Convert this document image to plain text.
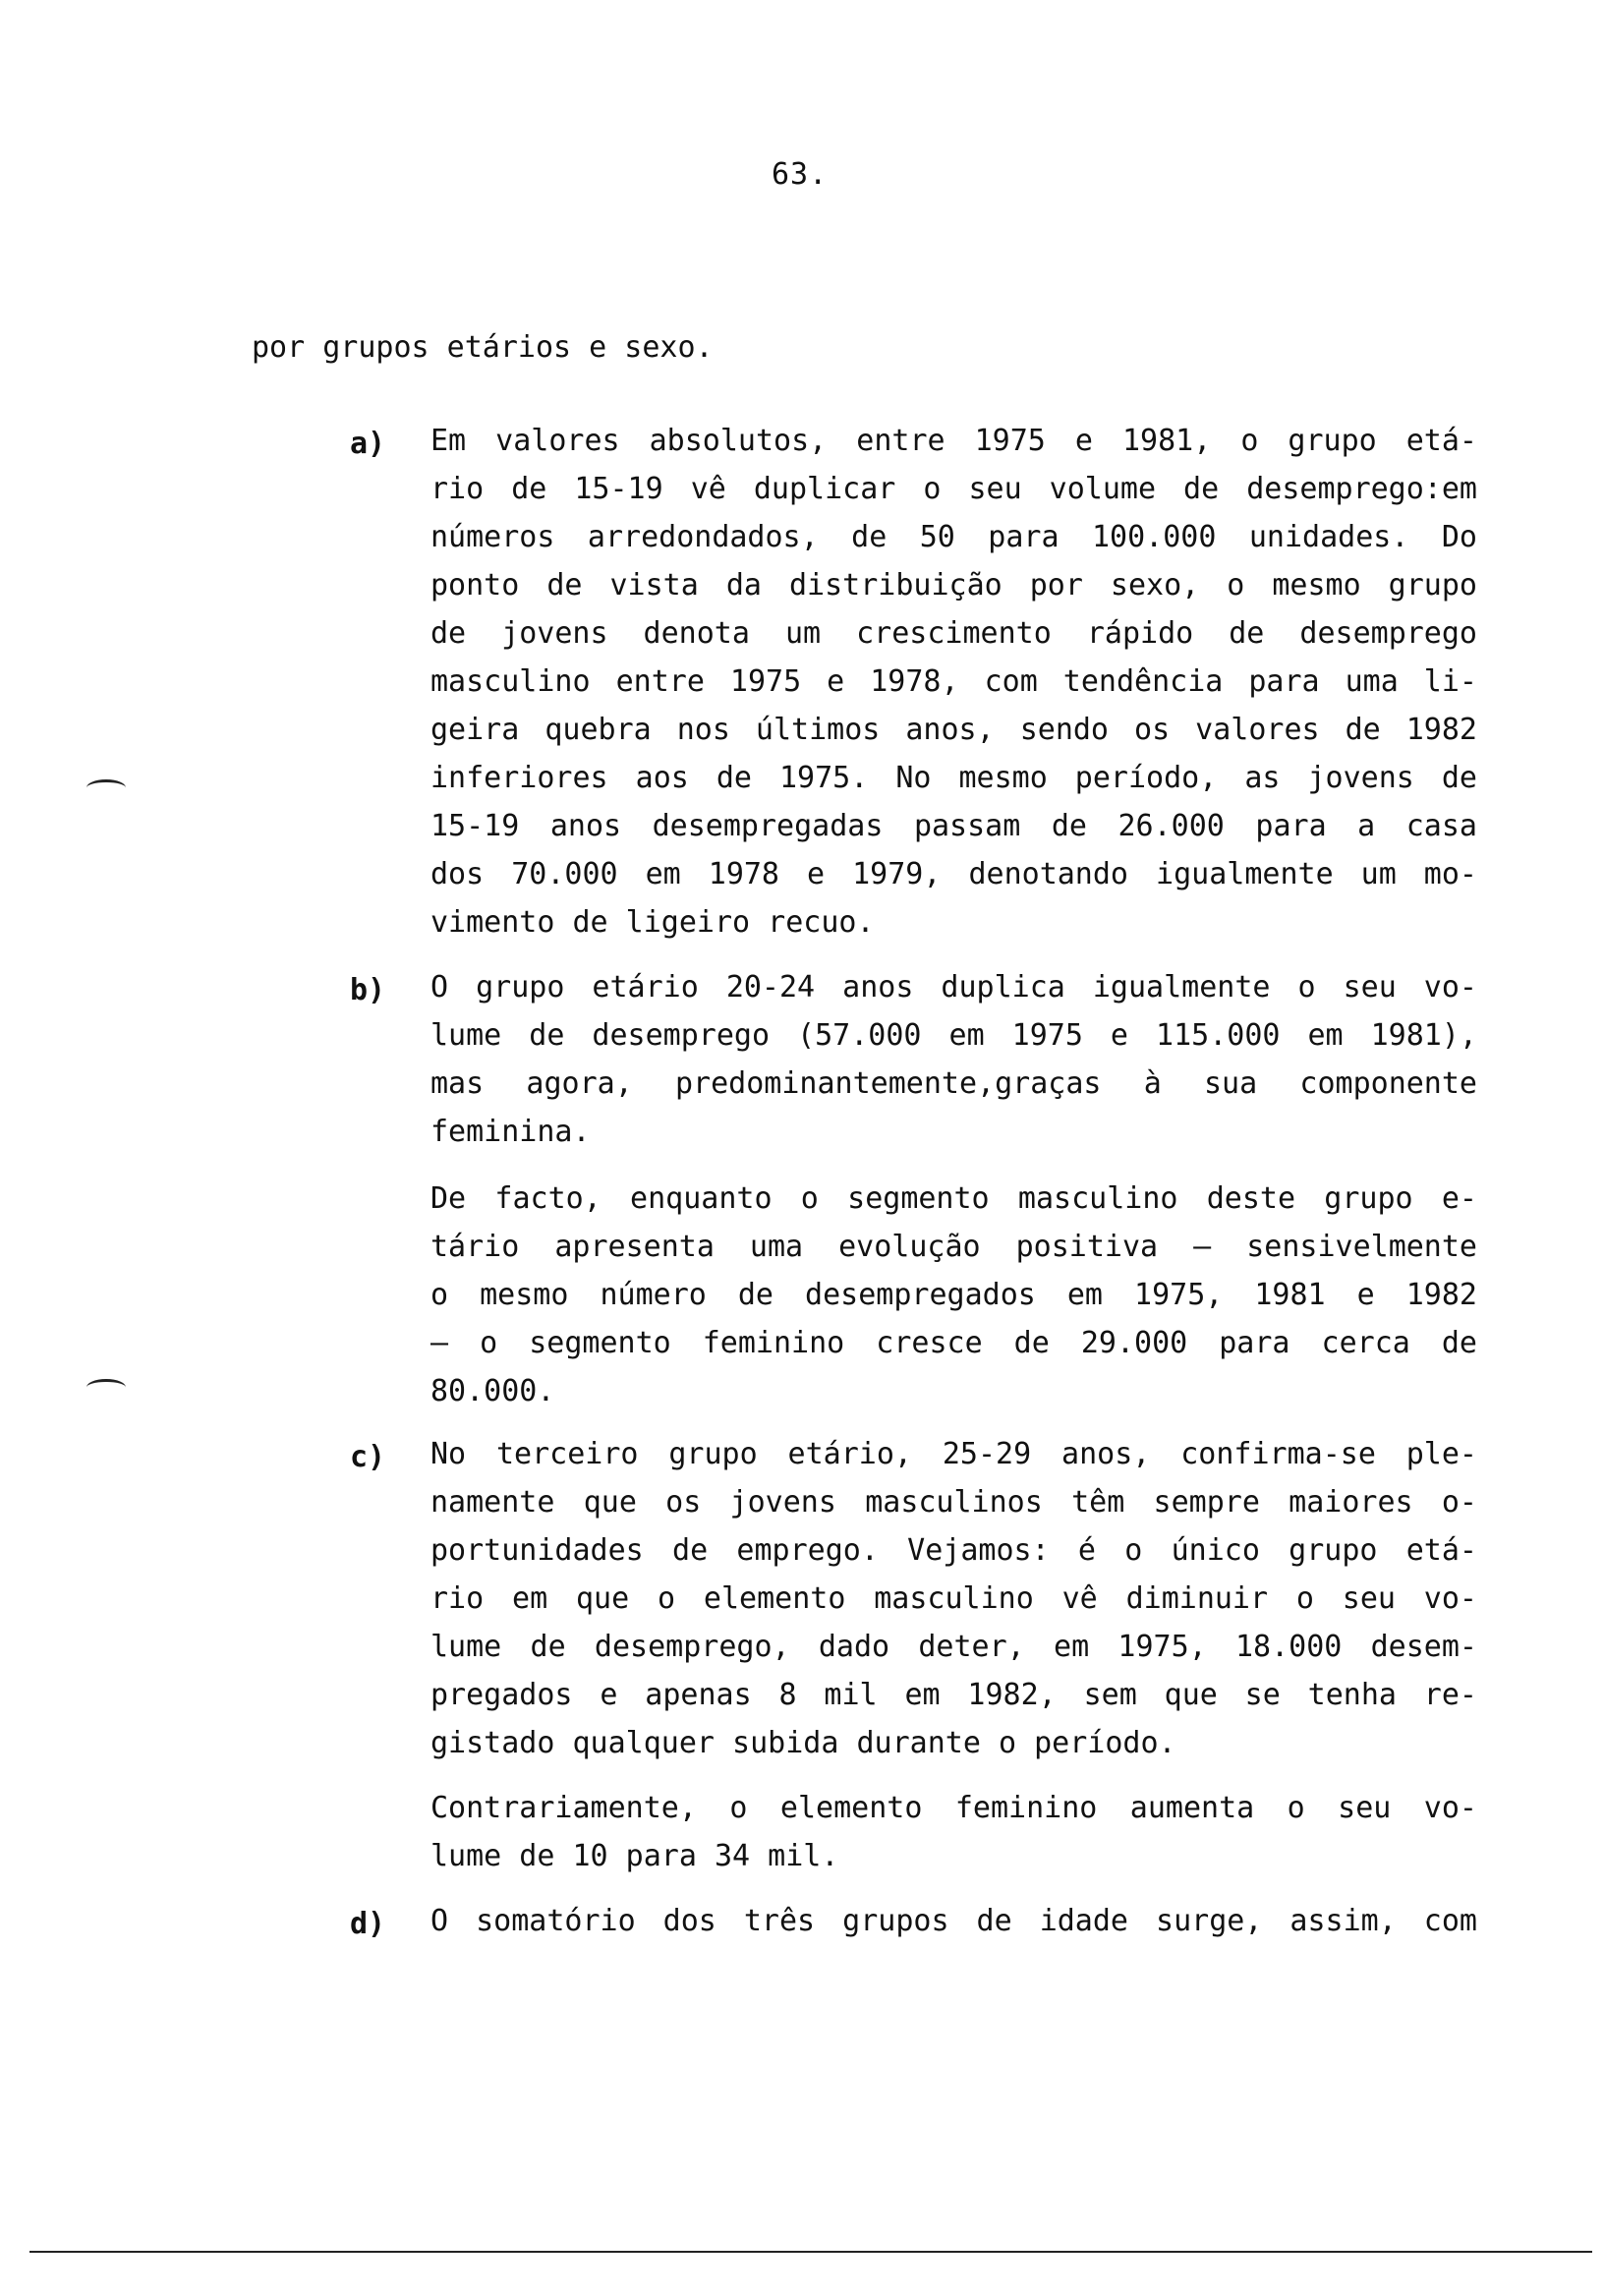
63.
por grupos etários e sexo.
a) Em valores absolutos, entre 1975 e 1981, o grupo etá-
rio de 15-19 vê duplicar o seu volume de desemprego:em
números arredondados, de 50 para 100.000 unidades. Do
ponto de vista da distribuição por sexo, o mesmo grupo
de jovens denota um crescimento rápido de desemprego
masculino entre 1975 e 1978, com tendência para uma li-
geira quebra nos últimos anos, sendo os valores de 1982
inferiores aos de 1975. No mesmo período, as jovens de
15-19 anos desempregadas passam de 26.000 para a casa
dos 70.000 em 1978 e 1979, denotando igualmente um mo-
vimento de ligeiro recuo.
b) O grupo etário 20-24 anos duplica igualmente o seu vo-
lume de desemprego (57.000 em 1975 e 115.000 em 1981),
mas agora, predominantemente,graças à sua componente
feminina.
De facto, enquanto o segmento masculino deste grupo e-
tário apresenta uma evolução positiva — sensivelmente
o mesmo número de desempregados em 1975, 1981 e 1982
— o segmento feminino cresce de 29.000 para cerca de
80.000.
c) No terceiro grupo etário, 25-29 anos, confirma-se ple-
namente que os jovens masculinos têm sempre maiores o-
portunidades de emprego. Vejamos: é o único grupo etá-
rio em que o elemento masculino vê diminuir o seu vo-
lume de desemprego, dado deter, em 1975, 18.000 desem-
pregados e apenas 8 mil em 1982, sem que se tenha re-
gistado qualquer subida durante o período.
Contrariamente, o elemento feminino aumenta o seu vo-
lume de 10 para 34 mil.
d) O somatório dos três grupos de idade surge, assim, com
